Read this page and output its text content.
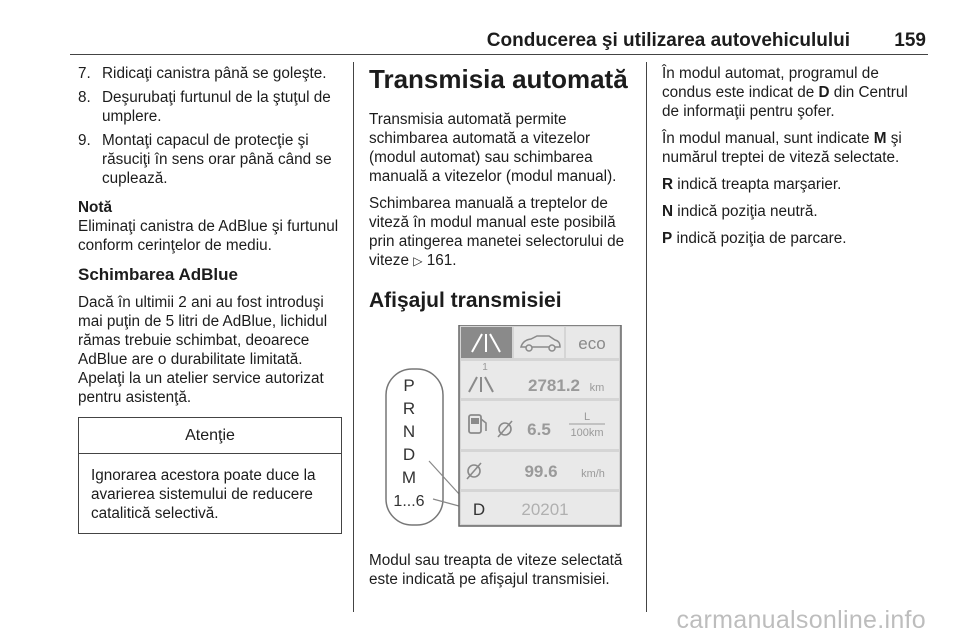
Conducerea şi utilizarea autovehiculului 159
7. Ridicaţi canistra până se goleşte.
8. Deşurubaţi furtunul de la ştuţul de umplere.
9. Montaţi capacul de protecţie şi răsuciţi în sens orar până când se cuplează.
Notă

Eliminaţi canistra de AdBlue şi furtunul conform cerinţelor de mediu.

Schimbarea AdBlue

Dacă în ultimii 2 ani au fost introduşi mai puţin de 5 litri de AdBlue, lichidul rămas trebuie schimbat, deoarece AdBlue are o durabilitate limitată. Apelaţi la un atelier service autorizat pentru asistenţă.

Atenţie
Ignorarea acestora poate duce la avarierea sistemului de reducere catalitică selectivă.
Transmisia automată

Transmisia automată permite schimbarea automată a vitezelor (modul automat) sau schimbarea manuală a vitezelor (modul manual).

Schimbarea manuală a treptelor de viteză în modul manual este posibilă prin atingerea manetei selectorului de viteze ▷ 161.

Afişajul transmisiei
P
R
N
D
M
1...6
eco
1
2781.2 km
6.5
L
100km
99.6 km/h
D 20201

Modul sau treapta de viteze selectată este indicată pe afişajul transmisiei.

În modul automat, programul de condus este indicat de D din Centrul de informaţii pentru şofer.

În modul manual, sunt indicate M şi numărul treptei de viteză selectate.

R indică treapta marşarier.

N indică poziţia neutră.

P indică poziţia de parcare.

carmanualsonline.info
